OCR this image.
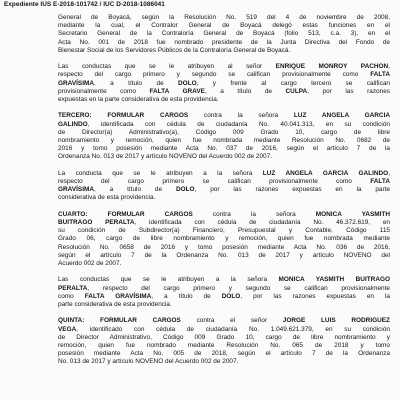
Expediente IUS E-2018-101742 / IUC D-2018-1086041
General de Boyacá, según la Resolución No. 519 del 4 de noviembre de 2008,
mediante la cual, el Contralor General de Boyacá delegó estas funciones en el
Secretario General de la Contraloría General de Boyacá (folio 513, c.a. 3), en el
Acta No. 001 de 2018 fue nombrado presidente de la Junta Directiva del Fondo de
Bienestar Social de los Servidores Públicos de la Contraloría General de Boyacá.
Las conductas que se le atribuyen al señor ENRIQUE MONROY PACHON,
respecto del cargo primero y segundo se califican provisionalmente como FALTA
GRAVÍSIMA, a título de DOLO, y frente al cargo tercero se califican
provisionalmente como FALTA GRAVE, a título de CULPA, por las razones
expuestas en la parte considerativa de esta providencia.
TERCERO: FORMULAR CARGOS contra la señora LUZ ANGELA GARCIA
GALINDO, identificada con cédula de ciudadanía No. 40.041.313, en su condición
de Director(a) Administrativo(a), Código 009 Grado 10, cargo de libre
nombramiento y remoción, quien fue nombrada mediante Resolución No. 0682 de
2016 y tomo posesión mediante Acta No. 037 de 2016, según el artículo 7 de la
Ordenanza No. 013 de 2017 y artículo NOVENO del Acuerdo 002 de 2007.
La conducta que se le atribuyen a la señora LUZ ANGELA GARCIA GALINDO,
respecto del cargo primero se califican provisionalmente como FALTA
GRAVÍSIMA, a título de DOLO, por las razones expuestas en la parte
considerativa de esta providencia.
CUARTO: FORMULAR CARGOS contra la señora MONICA YASMITH
BUITRAGO PERALTA, identificada con cédula de ciudadanía No. 46.372.619, en
su condición de Subdirector(a) Financiero, Presupuestal y Contable, Código 115
Grado 06, cargo de libre nombramiento y remoción, quien fue nombrada mediante
Resolución No. 0658 de 2016 y tomo posesión mediante Acta No. 036 de 2016,
según el artículo 7 de la Ordenanza No. 013 de 2017 y artículo NOVENO del
Acuerdo 002 de 2007.
Las conductas que se le atribuyen a la señora MONICA YASMITH BUITRAGO
PERALTA, respecto del cargo primero y segundo se califican provisionalmente
como FALTA GRAVÍSIMA, a título de DOLO, por las razones expuestas en la
parte considerativa de esta providencia.
QUINTA: FORMULAR CARGOS contra el señor JORGE LUIS RODRIGUEZ
VEGA, identificado con cédula de ciudadanía No. 1.049.621.379, en su condición
de Director Administrativo, Código 009 Grado 10, cargo de libre nombramiento y
remoción, quien fue nombrado mediante Resolución No. 065 de 2018 y tomo
posesión mediante Acta No. 005 de 2018, según el artículo 7 de la Ordenanza
No. 013 de 2017 y artículo NOVENO del Acuerdo 002 de 2007.
